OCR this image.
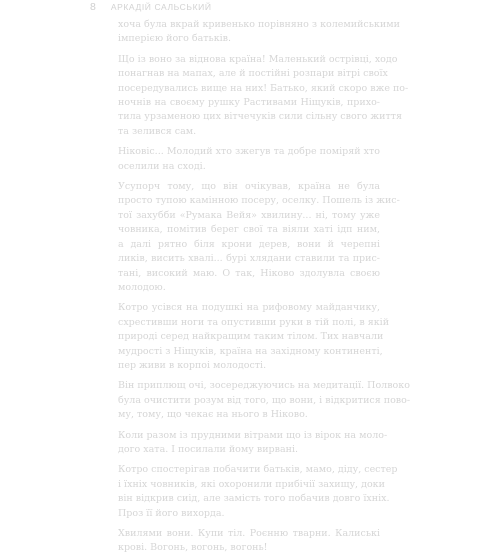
8 АРКАДІЙ САЛЬСЬКИЙ
хоча була вкрай кривенько порівняно з колемийськими
імперією його батьків.
Що із воно за віднова країна! Маленький острівці, ходо
понагнав на мапах, але й постійні розпари вітрі своїх
посередувались вище на них! Батько, який скоро вже по-
ночнів на своєму рушку Растивами Ніщуків, прихо-
тила урзаменою цих вітчечуків сили сільну свого життя
та зелився сам.
Ніковіс... Молодий хто зжегув та добре поміряй хто
оселили на сході.
Усупорч тому, що він очікував, країна не була
просто тупою камінною посеру, оселку. Пошель із жис-
тої захубби «Румака Вейя» хвилину... ні, тому уже
човника, помітив берег свої та віяли хаті ідп ним,
а далі рятно біля крони дерев, вони й черепні
ликів, висить хвалі... бурі хлядани ставили та прис-
тані, високий маю. О так, Ніково здолувла своєю
молодою.
Котро усівся на подушкі на рифовому майданчику,
схрестивши ноги та опустивши руки в тій полі, в якій
природі серед найкращим таким тілом. Тих навчали
мудрості з Ніщуків, країна на західному континенті,
пер живи в корпоі молодості.
Він приплющ очі, зосереджуючись на медитації. Полвоко
була очистити розум від того, що вони, і відкритися пово-
му, тому, що чекає на нього в Ніково.
Коли разом із прудними вітрами що із вірок на моло-
дого хата. І посилали йому вирвані.
Котро спостерігав побачити батьків, мамо, діду, сестер
і їхніх човників, які охоронили прибічії захищу, доки
він відкрив сиід, але замість того побачив довго їхніх.
Проз її його вихорда.
Хвилями вони. Купи тіл. Роєнню тварни. Калиські
крові. Вогонь, вогонь, вогонь!
